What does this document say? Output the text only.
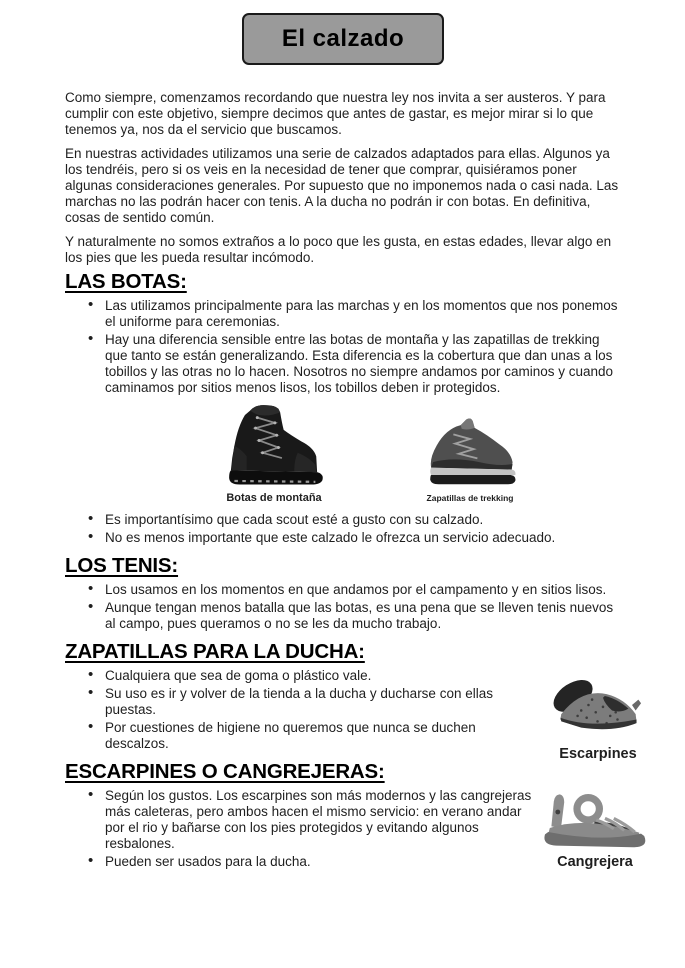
El calzado

Como siempre, comenzamos recordando que nuestra ley nos invita a ser austeros. Y para cumplir con este objetivo, siempre decimos que antes de gastar, es mejor mirar si lo que tenemos ya, nos da el servicio que buscamos.

En nuestras actividades utilizamos una serie de calzados adaptados para ellas. Algunos ya los tendréis, pero si os veis en la necesidad de tener que comprar, quisiéramos poner algunas consideraciones generales. Por supuesto que no imponemos nada o casi nada. Las marchas no las podrán hacer con tenis. A la ducha no podrán ir con botas. En definitiva, cosas de sentido común.

Y naturalmente no somos extraños a lo poco que les gusta, en estas edades, llevar algo en los pies que les pueda resultar incómodo.

LAS BOTAS:
• Las utilizamos principalmente para las marchas y en los momentos que nos ponemos el uniforme para ceremonias.
• Hay una diferencia sensible entre las botas de montaña y las zapatillas de trekking que tanto se están generalizando. Esta diferencia es la cobertura que dan unas a los tobillos y las otras no lo hacen. Nosotros no siempre andamos por caminos y cuando caminamos por sitios menos lisos, los tobillos deben ir protegidos.
Botas de montaña	Zapatillas de trekking
• Es importantísimo que cada scout esté a gusto con su calzado.
• No es menos importante que este calzado le ofrezca un servicio adecuado.
LOS TENIS:
• Los usamos en los momentos en que andamos por el campamento y en sitios lisos.
• Aunque tengan menos batalla que las botas, es una pena que se lleven tenis nuevos al campo, pues queramos o no se les da mucho trabajo.
ZAPATILLAS PARA LA DUCHA:
• Cualquiera que sea de goma o plástico vale.
• Su uso es ir y volver de la tienda a la ducha y ducharse con ellas puestas.
• Por cuestiones de higiene no queremos que nunca se duchen descalzos.
ESCARPINES O CANGREJERAS:
• Según los gustos. Los escarpines son más modernos y las cangrejeras más caleteras, pero ambos hacen el mismo servicio: en verano andar por el rio y bañarse con los pies protegidos y evitando algunos resbalones.
• Pueden ser usados para la ducha.
Escarpines
Cangrejera
